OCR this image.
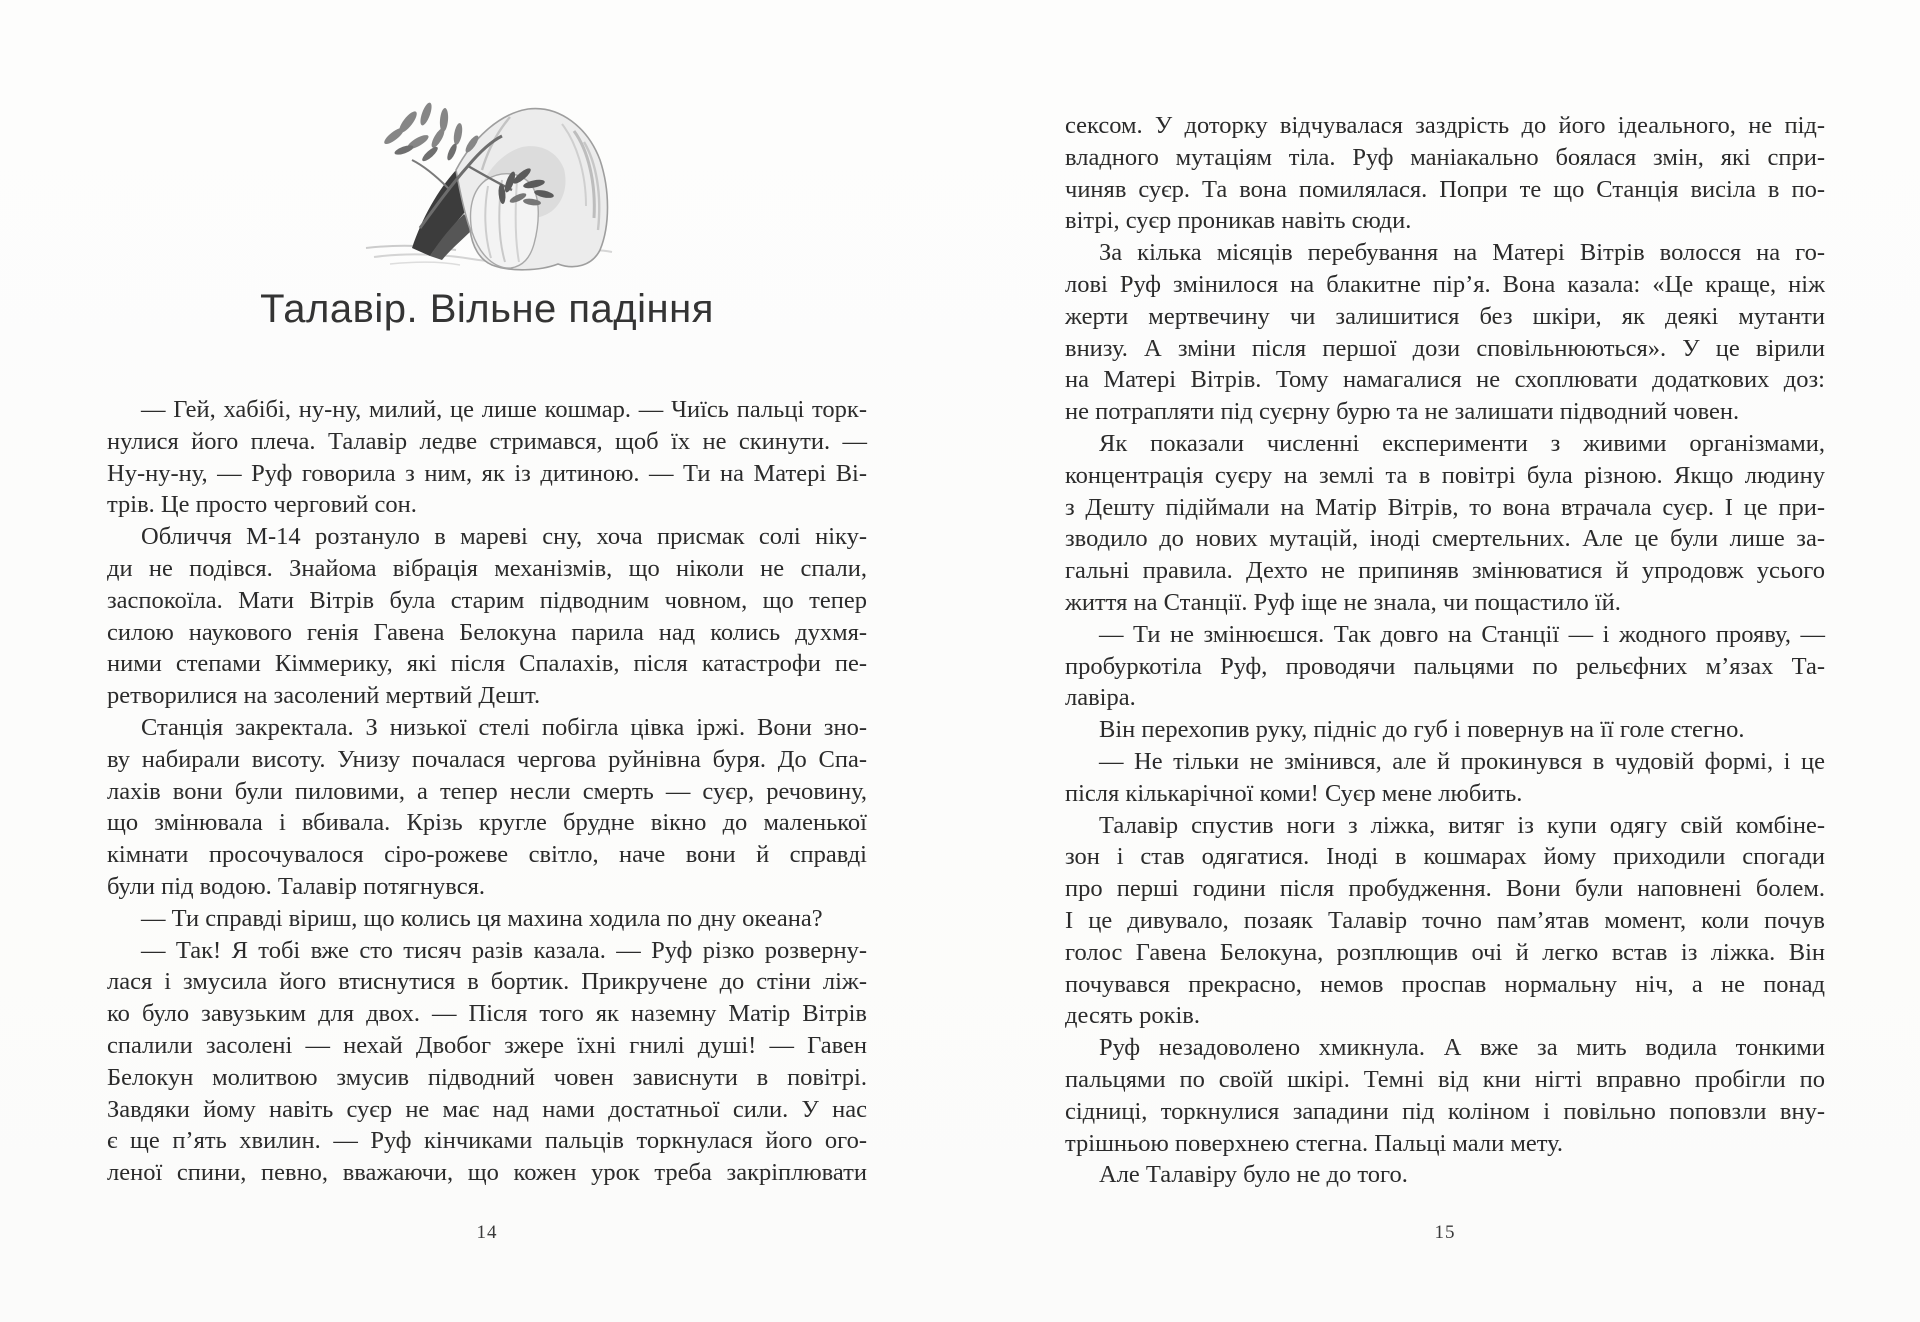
Талавір. Вільне падіння
— Гей, хабібі, ну-ну, милий, це лише кошмар. — Чиїсь пальці торк-
нулися його плеча. Талавір ледве стримався, щоб їх не скинути. —
Ну-ну-ну, — Руф говорила з ним, як із дитиною. — Ти на Матері Ві-
трів. Це просто черговий сон.
Обличчя М-14 розтануло в мареві сну, хоча присмак солі ніку-
ди не подівся. Знайома вібрація механізмів, що ніколи не спали,
заспокоїла. Мати Вітрів була старим підводним човном, що тепер
силою наукового генія Гавена Белокуна парила над колись духмя-
ними степами Кіммерику, які після Спалахів, після катастрофи пе-
ретворилися на засолений мертвий Дешт.
Станція закректала. З низької стелі побігла цівка іржі. Вони зно-
ву набирали висоту. Унизу почалася чергова руйнівна буря. До Спа-
лахів вони були пиловими, а тепер несли смерть — суєр, речовину,
що змінювала і вбивала. Крізь кругле брудне вікно до маленької
кімнати просочувалося сіро-рожеве світло, наче вони й справді
були під водою. Талавір потягнувся.
— Ти справді віриш, що колись ця махина ходила по дну океана?
— Так! Я тобі вже сто тисяч разів казала. — Руф різко розверну-
лася і змусила його втиснутися в бортик. Прикручене до стіни ліж-
ко було завузьким для двох. — Після того як наземну Матір Вітрів
спалили засолені — нехай Двобог зжере їхні гнилі душі! — Гавен
Белокун молитвою змусив підводний човен зависнути в повітрі.
Завдяки йому навіть суєр не має над нами достатньої сили. У нас
є ще п’ять хвилин. — Руф кінчиками пальців торкнулася його ого-
леної спини, певно, вважаючи, що кожен урок треба закріплювати
14
сексом. У доторку відчувалася заздрість до його ідеального, не під-
владного мутаціям тіла. Руф маніакально боялася змін, які спри-
чиняв суєр. Та вона помилялася. Попри те що Станція висіла в по-
вітрі, суєр проникав навіть сюди.
За кілька місяців перебування на Матері Вітрів волосся на го-
лові Руф змінилося на блакитне пір’я. Вона казала: «Це краще, ніж
жерти мертвечину чи залишитися без шкіри, як деякі мутанти
внизу. А зміни після першої дози сповільнюються». У це вірили
на Матері Вітрів. Тому намагалися не схоплювати додаткових доз:
не потрапляти під суєрну бурю та не залишати підводний човен.
Як показали численні експерименти з живими організмами,
концентрація суєру на землі та в повітрі була різною. Якщо людину
з Дешту підіймали на Матір Вітрів, то вона втрачала суєр. І це при-
зводило до нових мутацій, іноді смертельних. Але це були лише за-
гальні правила. Дехто не припиняв змінюватися й упродовж усього
життя на Станції. Руф іще не знала, чи пощастило їй.
— Ти не змінюєшся. Так довго на Станції — і жодного прояву, —
пробуркотіла Руф, проводячи пальцями по рельєфних м’язах Та-
лавіра.
Він перехопив руку, підніс до губ і повернув на її голе стегно.
— Не тільки не змінився, але й прокинувся в чудовій формі, і це
після кількарічної коми! Суєр мене любить.
Талавір спустив ноги з ліжка, витяг із купи одягу свій комбіне-
зон і став одягатися. Іноді в кошмарах йому приходили спогади
про перші години після пробудження. Вони були наповнені болем.
І це дивувало, позаяк Талавір точно пам’ятав момент, коли почув
голос Гавена Белокуна, розплющив очі й легко встав із ліжка. Він
почувався прекрасно, немов проспав нормальну ніч, а не понад
десять років.
Руф незадоволено хмикнула. А вже за мить водила тонкими
пальцями по своїй шкірі. Темні від кни нігті вправно пробігли по
сідниці, торкнулися западини під коліном і повільно поповзли вну-
трішньою поверхнею стегна. Пальці мали мету.
Але Талавіру було не до того.
15
